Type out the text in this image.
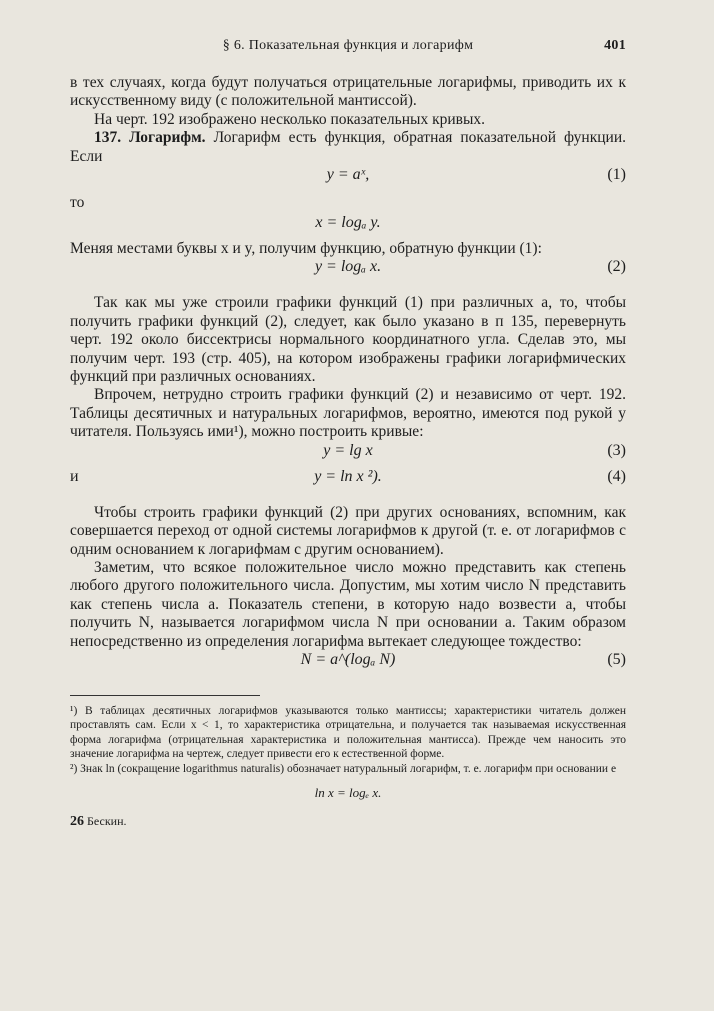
§ 6. Показательная функция и логарифм	401

в тех случаях, когда будут получаться отрицательные логарифмы, приводить их к искусственному виду (с положительной мантиссой).

На черт. 192 изображено несколько показательных кривых.

137. Логарифм. Логарифм есть функция, обратная показательной функции. Если

y = aˣ,	(1)
то
x = logₐ y.

Меняя местами буквы x и y, получим функцию, обратную функции (1):

y = logₐ x.	(2)

Так как мы уже строили графики функций (1) при различных a, то, чтобы получить графики функций (2), следует, как было указано в п 135, перевернуть черт. 192 около биссектрисы нормального координатного угла. Сделав это, мы получим черт. 193 (стр. 405), на котором изображены графики логарифмических функций при различных основаниях.

Впрочем, нетрудно строить графики функций (2) и независимо от черт. 192. Таблицы десятичных и натуральных логарифмов, вероятно, имеются под рукой у читателя. Пользуясь ими¹), можно построить кривые:

y = lg x	(3)
и	y = ln x ²).	(4)

Чтобы строить графики функций (2) при других основаниях, вспомним, как совершается переход от одной системы логарифмов к другой (т. е. от логарифмов с одним основанием к логарифмам с другим основанием).

Заметим, что всякое положительное число можно представить как степень любого другого положительного числа. Допустим, мы хотим число N представить как степень числа a. Показатель степени, в которую надо возвести a, чтобы получить N, называется логарифмом числа N при основании a. Таким образом непосредственно из определения логарифма вытекает следующее тождество:

N = a^(logₐ N)	(5)

¹) В таблицах десятичных логарифмов указываются только мантиссы; характеристики читатель должен проставлять сам. Если x < 1, то характеристика отрицательна, и получается так называемая искусственная форма логарифма (отрицательная характеристика и положительная мантисса). Прежде чем наносить это значение логарифма на чертеж, следует привести его к естественной форме.

²) Знак ln (сокращение logarithmus naturalis) обозначает натуральный логарифм, т. е. логарифм при основании e

ln x = logₑ x.

26 Бескин.
